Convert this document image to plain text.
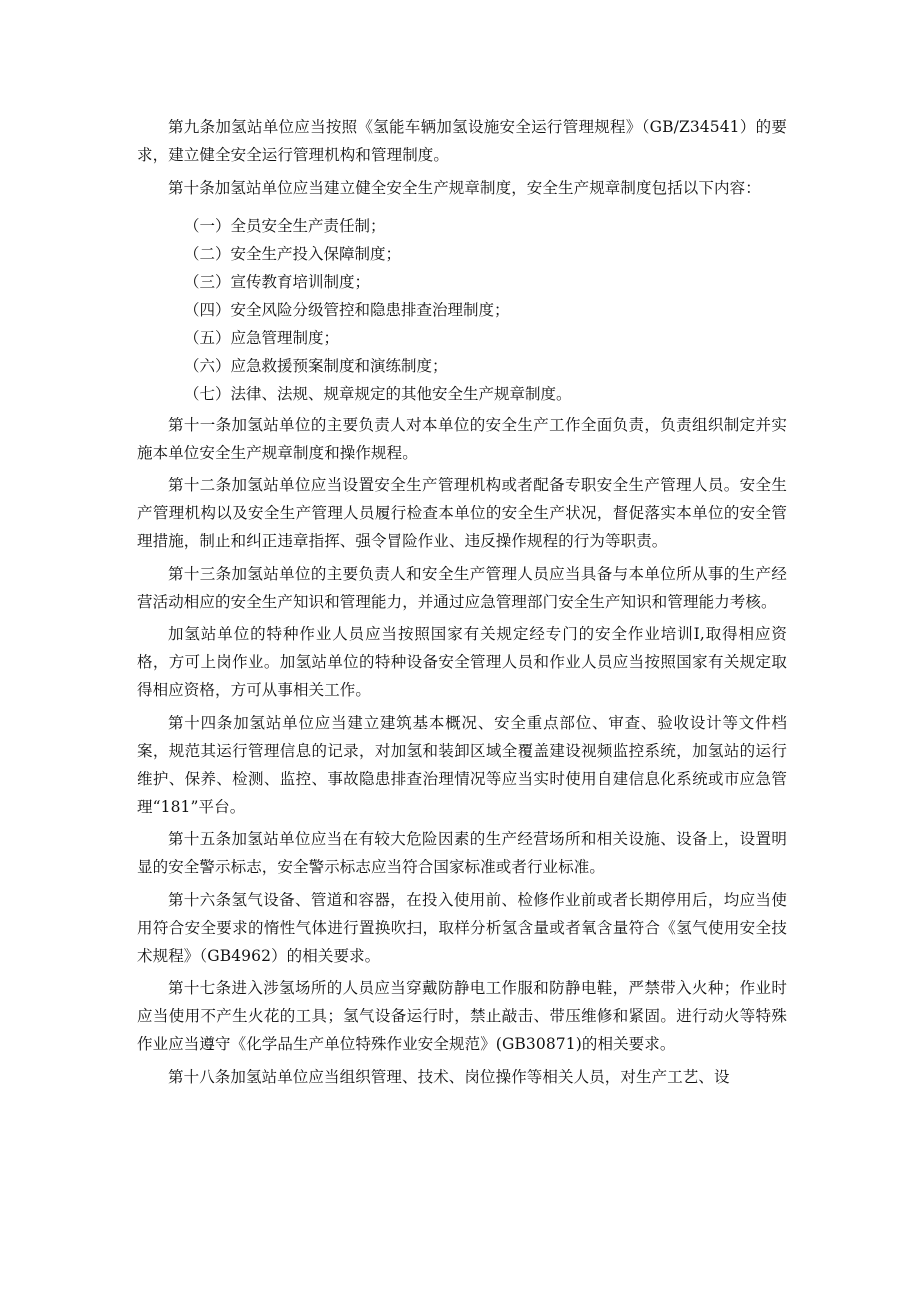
第九条加氢站单位应当按照《氢能车辆加氢设施安全运行管理规程》（GB/Z34541）的要求，建立健全安全运行管理机构和管理制度。

第十条加氢站单位应当建立健全安全生产规章制度，安全生产规章制度包括以下内容：

（一）全员安全生产责任制；

（二）安全生产投入保障制度；

（三）宣传教育培训制度；

（四）安全风险分级管控和隐患排查治理制度；

（五）应急管理制度；

（六）应急救援预案制度和演练制度；

（七）法律、法规、规章规定的其他安全生产规章制度。

第十一条加氢站单位的主要负责人对本单位的安全生产工作全面负责，负责组织制定并实施本单位安全生产规章制度和操作规程。

第十二条加氢站单位应当设置安全生产管理机构或者配备专职安全生产管理人员。安全生产管理机构以及安全生产管理人员履行检查本单位的安全生产状况，督促落实本单位的安全管理措施，制止和纠正违章指挥、强令冒险作业、违反操作规程的行为等职责。

第十三条加氢站单位的主要负责人和安全生产管理人员应当具备与本单位所从事的生产经营活动相应的安全生产知识和管理能力，并通过应急管理部门安全生产知识和管理能力考核。

加氢站单位的特种作业人员应当按照国家有关规定经专门的安全作业培训I,取得相应资格，方可上岗作业。加氢站单位的特种设备安全管理人员和作业人员应当按照国家有关规定取得相应资格，方可从事相关工作。

第十四条加氢站单位应当建立建筑基本概况、安全重点部位、审查、验收设计等文件档案，规范其运行管理信息的记录，对加氢和装卸区域全覆盖建设视频监控系统，加氢站的运行维护、保养、检测、监控、事故隐患排查治理情况等应当实时使用自建信息化系统或市应急管理“181”平台。

第十五条加氢站单位应当在有较大危险因素的生产经营场所和相关设施、设备上，设置明显的安全警示标志，安全警示标志应当符合国家标准或者行业标准。

第十六条氢气设备、管道和容器，在投入使用前、检修作业前或者长期停用后，均应当使用符合安全要求的惰性气体进行置换吹扫，取样分析氢含量或者氧含量符合《氢气使用安全技术规程》（GB4962）的相关要求。

第十七条进入涉氢场所的人员应当穿戴防静电工作服和防静电鞋，严禁带入火种；作业时应当使用不产生火花的工具；氢气设备运行时，禁止敲击、带压维修和紧固。进行动火等特殊作业应当遵守《化学品生产单位特殊作业安全规范》(GB30871)的相关要求。

第十八条加氢站单位应当组织管理、技术、岗位操作等相关人员，对生产工艺、设
